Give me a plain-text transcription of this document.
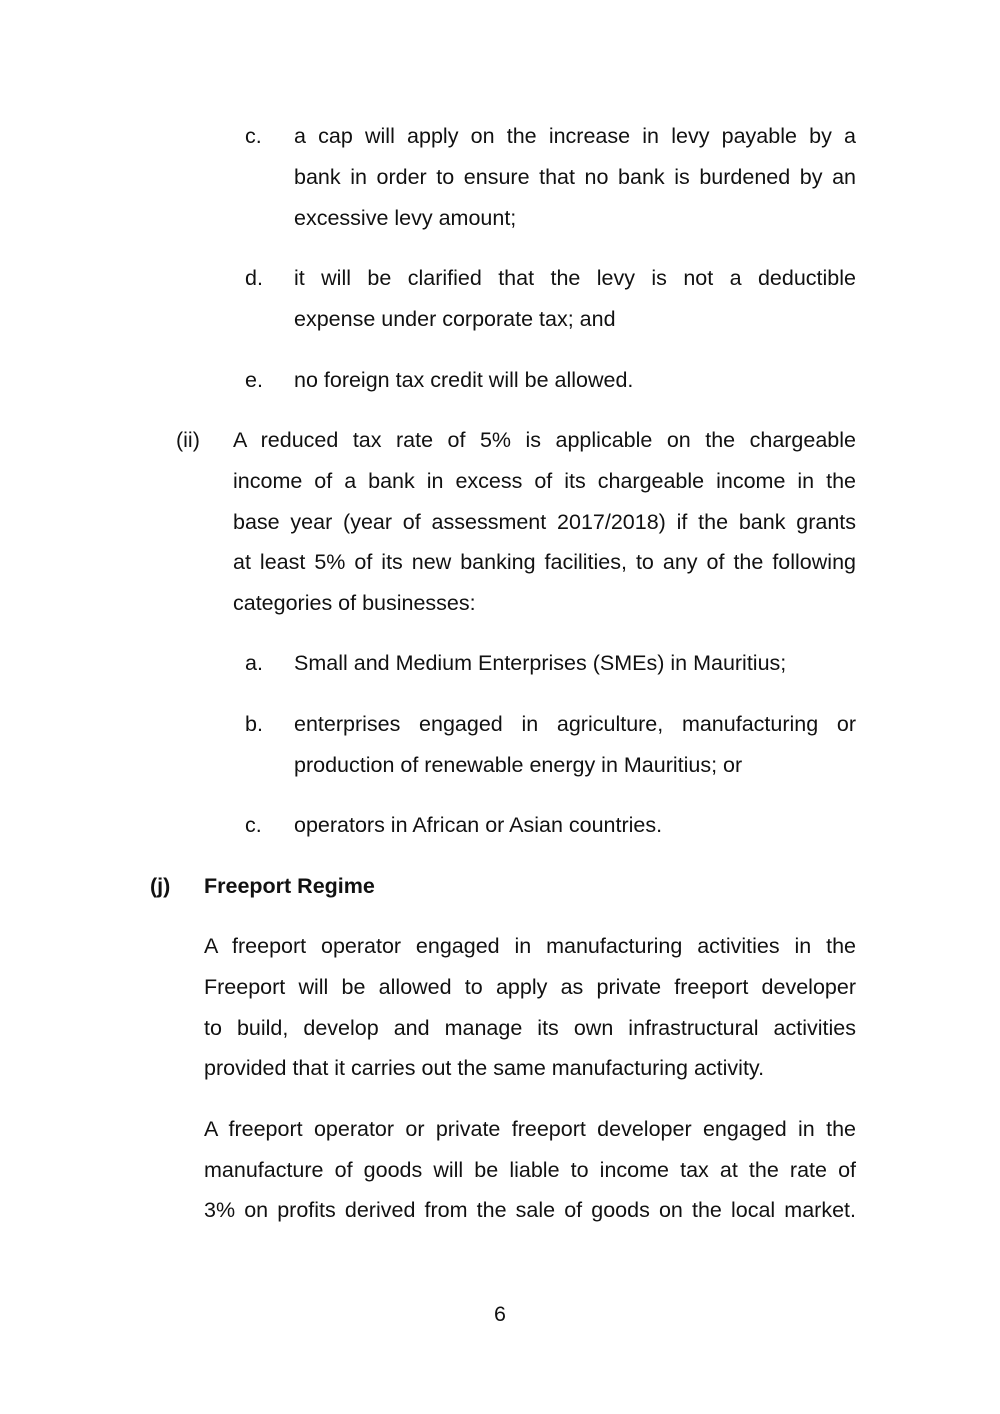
c. a cap will apply on the increase in levy payable by a
bank in order to ensure that no bank is burdened by an
excessive levy amount;
d. it will be clarified that the levy is not a deductible
expense under corporate tax; and
e. no foreign tax credit will be allowed.
(ii) A reduced tax rate of 5% is applicable on the chargeable
income of a bank in excess of its chargeable income in the
base year (year of assessment 2017/2018) if the bank grants
at least 5% of its new banking facilities, to any of the following
categories of businesses:
a. Small and Medium Enterprises (SMEs) in Mauritius;
b. enterprises engaged in agriculture, manufacturing or
production of renewable energy in Mauritius; or
c. operators in African or Asian countries.
(j) Freeport Regime
A freeport operator engaged in manufacturing activities in the
Freeport will be allowed to apply as private freeport developer
to build, develop and manage its own infrastructural activities
provided that it carries out the same manufacturing activity.
A freeport operator or private freeport developer engaged in the
manufacture of goods will be liable to income tax at the rate of
3% on profits derived from the sale of goods on the local market.
6
